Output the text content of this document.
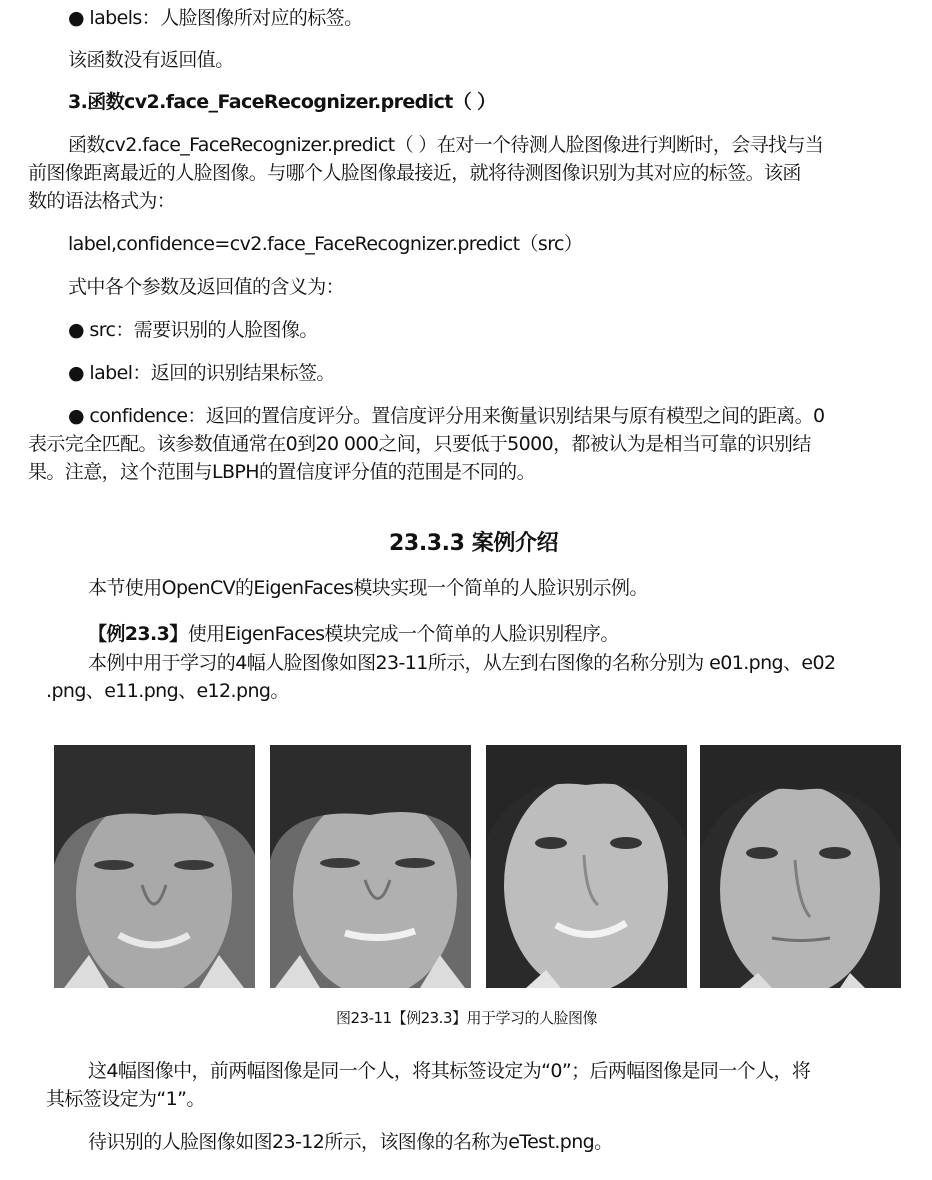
● labels：人脸图像所对应的标签。
该函数没有返回值。
3.函数cv2.face_FaceRecognizer.predict（ ）
函数cv2.face_FaceRecognizer.predict（ ）在对一个待测人脸图像进行判断时，会寻找与当
前图像距离最近的人脸图像。与哪个人脸图像最接近，就将待测图像识别为其对应的标签。该函
数的语法格式为：
label,confidence=cv2.face_FaceRecognizer.predict（src）
式中各个参数及返回值的含义为：
● src：需要识别的人脸图像。
● label：返回的识别结果标签。
● confidence：返回的置信度评分。置信度评分用来衡量识别结果与原有模型之间的距离。0
表示完全匹配。该参数值通常在0到20 000之间，只要低于5000，都被认为是相当可靠的识别结
果。注意，这个范围与LBPH的置信度评分值的范围是不同的。
23.3.3 案例介绍
本节使用OpenCV的EigenFaces模块实现一个简单的人脸识别示例。
【例23.3】使用EigenFaces模块完成一个简单的人脸识别程序。
本例中用于学习的4幅人脸图像如图23-11所示，从左到右图像的名称分别为 e01.png、e02
.png、e11.png、e12.png。
图23-11【例23.3】用于学习的人脸图像
这4幅图像中，前两幅图像是同一个人，将其标签设定为“0”；后两幅图像是同一个人，将
其标签设定为“1”。
待识别的人脸图像如图23-12所示，该图像的名称为eTest.png。
